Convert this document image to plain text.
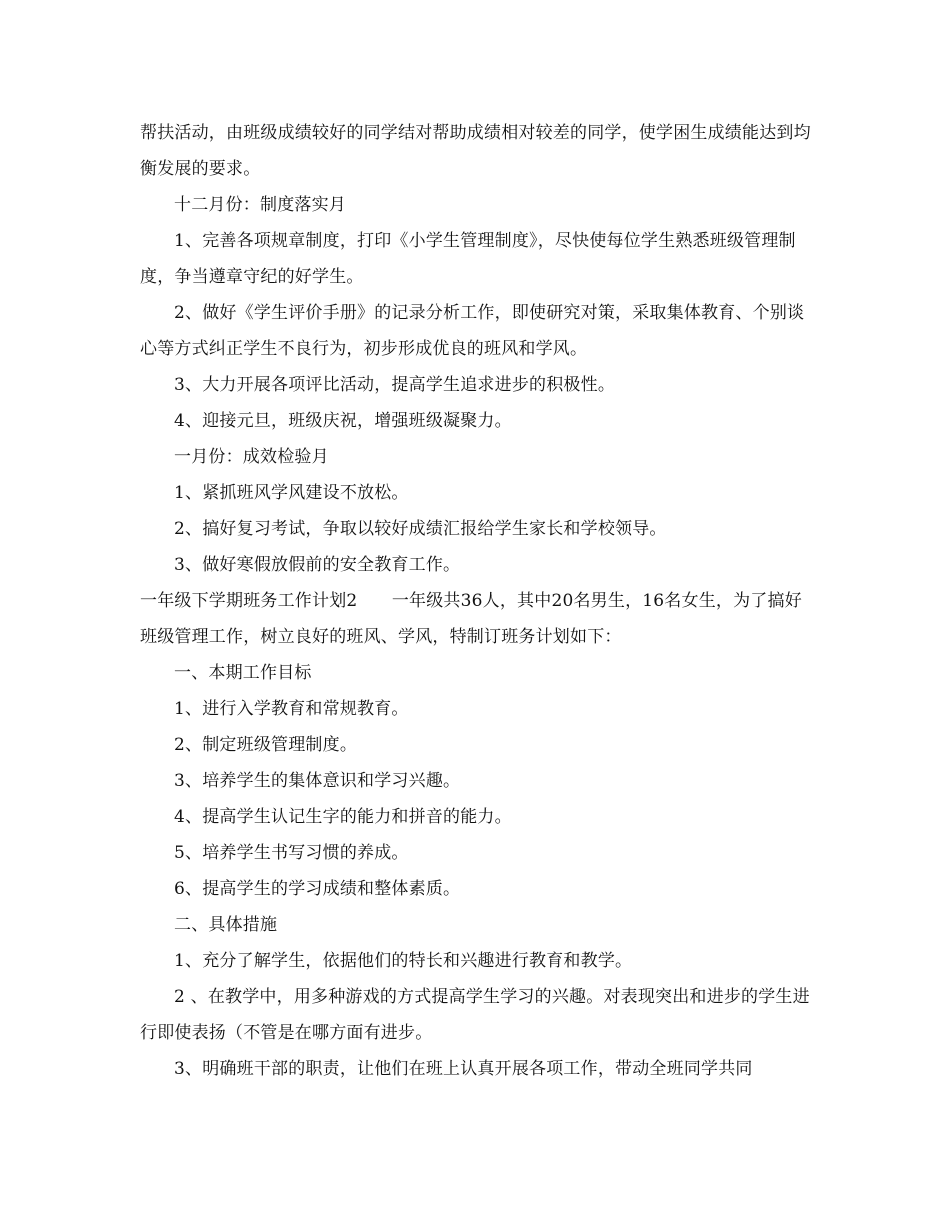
帮扶活动，由班级成绩较好的同学结对帮助成绩相对较差的同学，使学困生成绩能达到均衡发展的要求。

十二月份：制度落实月

1、完善各项规章制度，打印《小学生管理制度》，尽快使每位学生熟悉班级管理制度，争当遵章守纪的好学生。

2、做好《学生评价手册》的记录分析工作，即使研究对策，采取集体教育、个别谈心等方式纠正学生不良行为，初步形成优良的班风和学风。

3、大力开展各项评比活动，提高学生追求进步的积极性。

4、迎接元旦，班级庆祝，增强班级凝聚力。

一月份：成效检验月

1、紧抓班风学风建设不放松。

2、搞好复习考试，争取以较好成绩汇报给学生家长和学校领导。

3、做好寒假放假前的安全教育工作。

一年级下学期班务工作计划2　　一年级共36人，其中20名男生，16名女生，为了搞好班级管理工作，树立良好的班风、学风，特制订班务计划如下：

一、本期工作目标

1、进行入学教育和常规教育。

2、制定班级管理制度。

3、培养学生的集体意识和学习兴趣。

4、提高学生认记生字的能力和拼音的能力。

5、培养学生书写习惯的养成。

6、提高学生的学习成绩和整体素质。

二、具体措施

1、充分了解学生，依据他们的特长和兴趣进行教育和教学。

2 、在教学中，用多种游戏的方式提高学生学习的兴趣。对表现突出和进步的学生进行即使表扬（不管是在哪方面有进步。

3、明确班干部的职责，让他们在班上认真开展各项工作，带动全班同学共同
